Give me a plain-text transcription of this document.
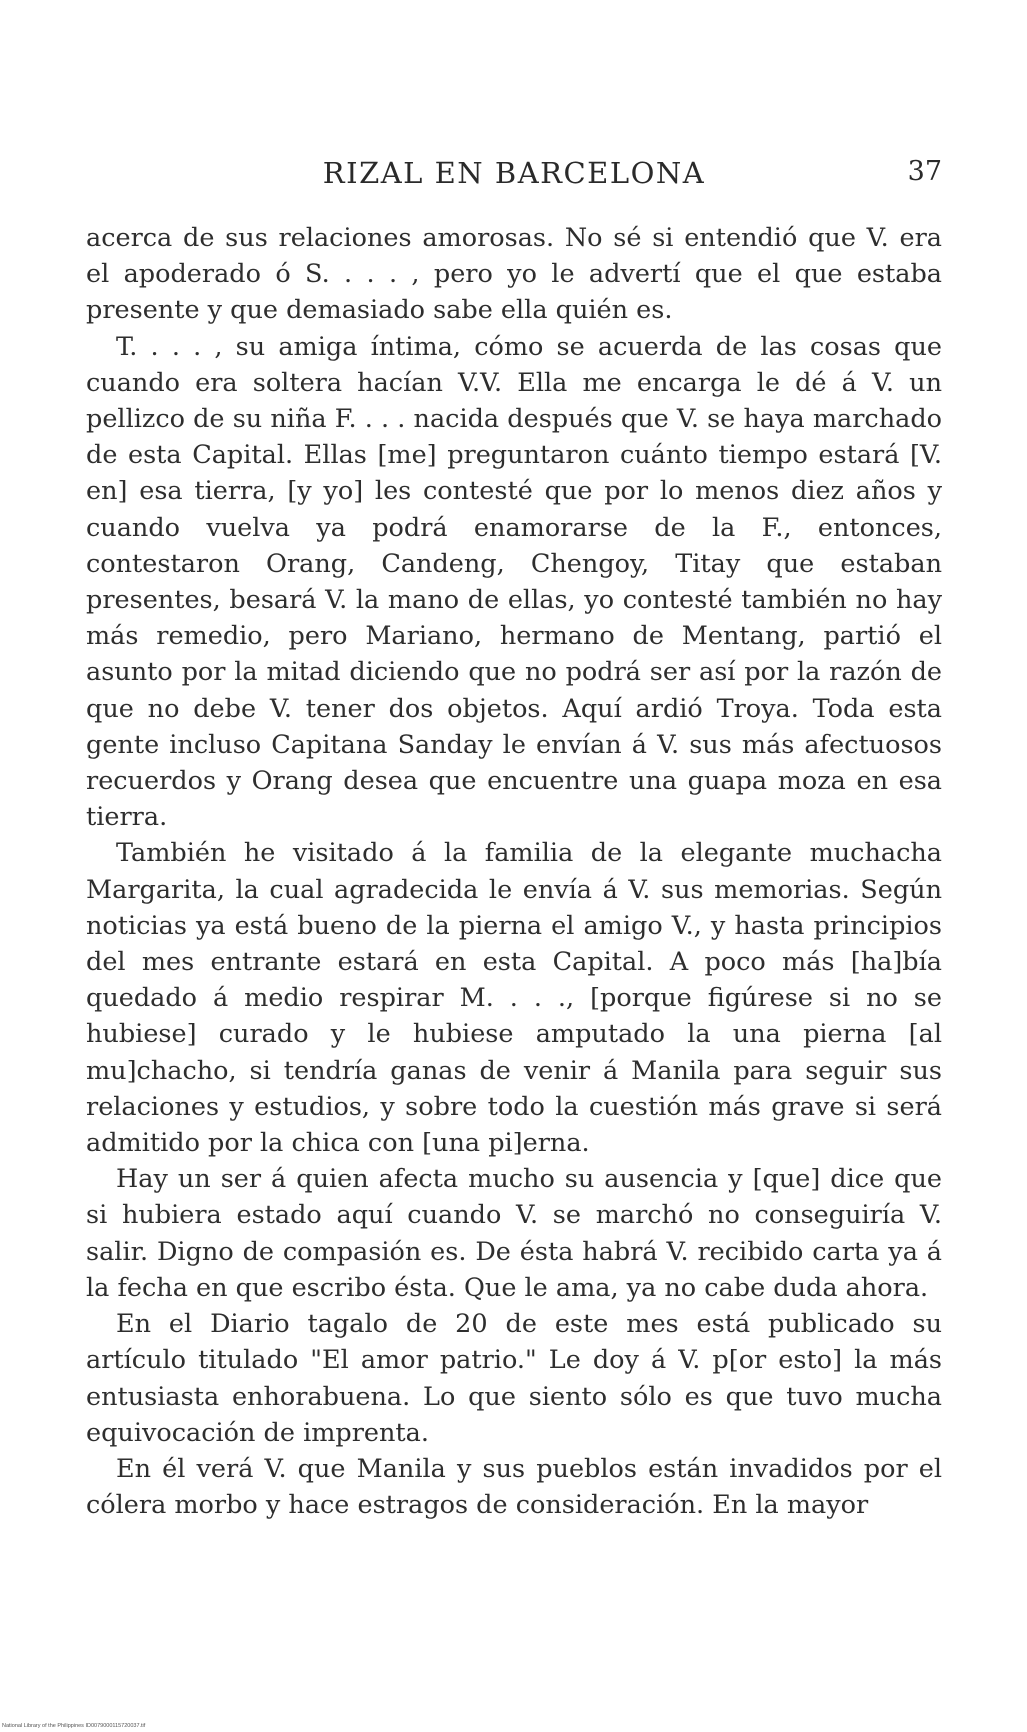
RIZAL EN BARCELONA	37

acerca de sus relaciones amorosas. No sé si entendió que V. era el apoderado ó S. . . . , pero yo le advertí que el que estaba presente y que demasiado sabe ella quién es.

T. . . . , su amiga íntima, cómo se acuerda de las cosas que cuando era soltera hacían V.V. Ella me encarga le dé á V. un pellizco de su niña F. . . . nacida después que V. se haya marchado de esta Capital. Ellas [me] preguntaron cuánto tiempo estará [V. en] esa tierra, [y yo] les contesté que por lo menos diez años y cuando vuelva ya podrá enamorarse de la F., entonces, contestaron Orang, Candeng, Chengoy, Titay que estaban presentes, besará V. la mano de ellas, yo contesté también no hay más remedio, pero Mariano, hermano de Mentang, partió el asunto por la mitad diciendo que no podrá ser así por la razón de que no debe V. tener dos objetos. Aquí ardió Troya. Toda esta gente incluso Capitana Sanday le envían á V. sus más afectuosos recuerdos y Orang desea que encuentre una guapa moza en esa tierra.

También he visitado á la familia de la elegante muchacha Margarita, la cual agradecida le envía á V. sus memorias. Según noticias ya está bueno de la pierna el amigo V., y hasta principios del mes entrante estará en esta Capital. A poco más [ha]bía quedado á medio respirar M. . . ., [porque figúrese si no se hubiese] curado y le hubiese amputado la una pierna [al mu]chacho, si tendría ganas de venir á Manila para seguir sus relaciones y estudios, y sobre todo la cuestión más grave si será admitido por la chica con [una pi]erna.

Hay un ser á quien afecta mucho su ausencia y [que] dice que si hubiera estado aquí cuando V. se marchó no conseguiría V. salir. Digno de compasión es. De ésta habrá V. recibido carta ya á la fecha en que escribo ésta. Que le ama, ya no cabe duda ahora.

En el Diario tagalo de 20 de este mes está publicado su artículo titulado "El amor patrio." Le doy á V. p[or esto] la más entusiasta enhorabuena. Lo que siento sólo es que tuvo mucha equivocación de imprenta.

En él verá V. que Manila y sus pueblos están invadidos por el cólera morbo y hace estragos de consideración. En la mayor

National Library of the Philippines ID0079000115720037.tif
